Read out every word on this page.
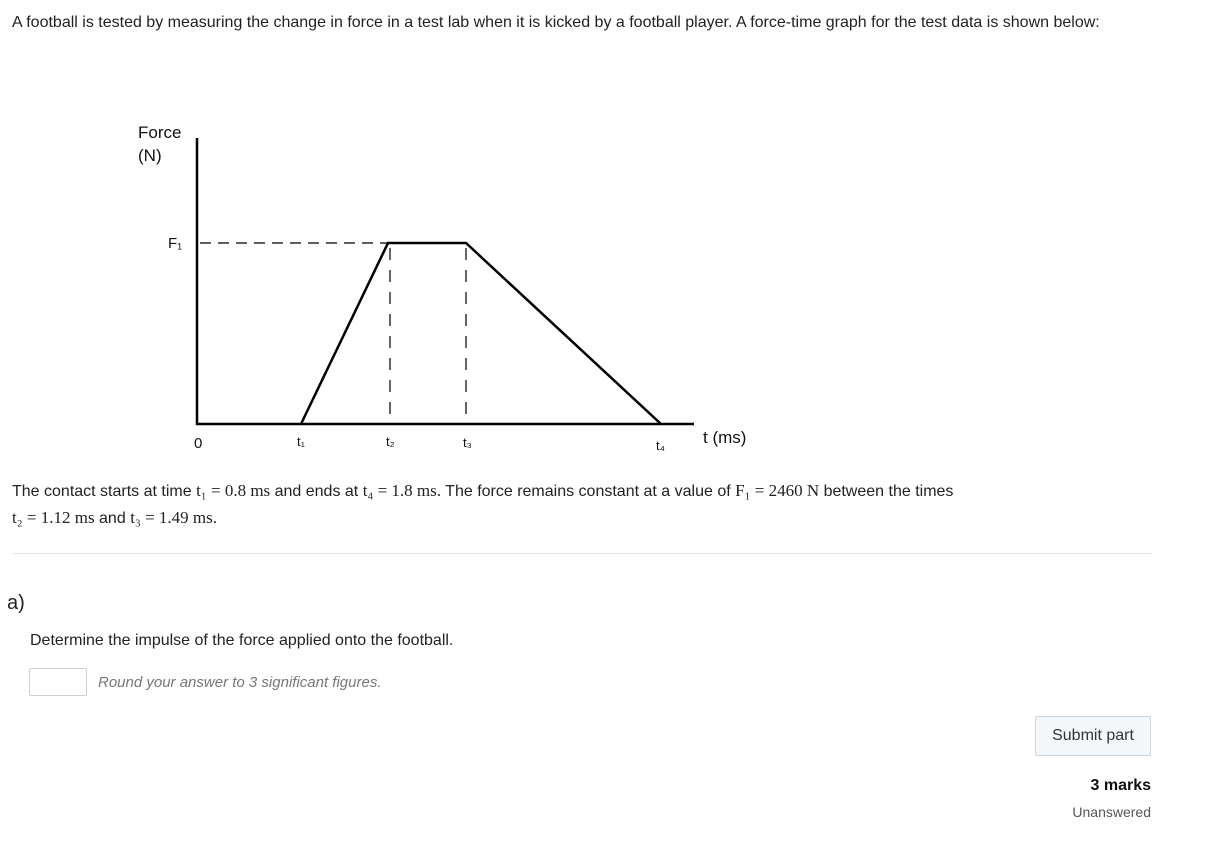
A football is tested by measuring the change in force in a test lab when it is kicked by a football player. A force-time graph for the test data is shown below:
Force
(N)
F₁
0	t₁	t₂	t₃	t₄ t (ms)
The contact starts at time t₁ = 0.8 ms and ends at t₄ = 1.8 ms. The force remains constant at a value of F₁ = 2460 N between the times
t₂ = 1.12 ms and t₃ = 1.49 ms.
a)
Determine the impulse of the force applied onto the football.
Round your answer to 3 significant figures.
Submit part
3 marks
Unanswered
